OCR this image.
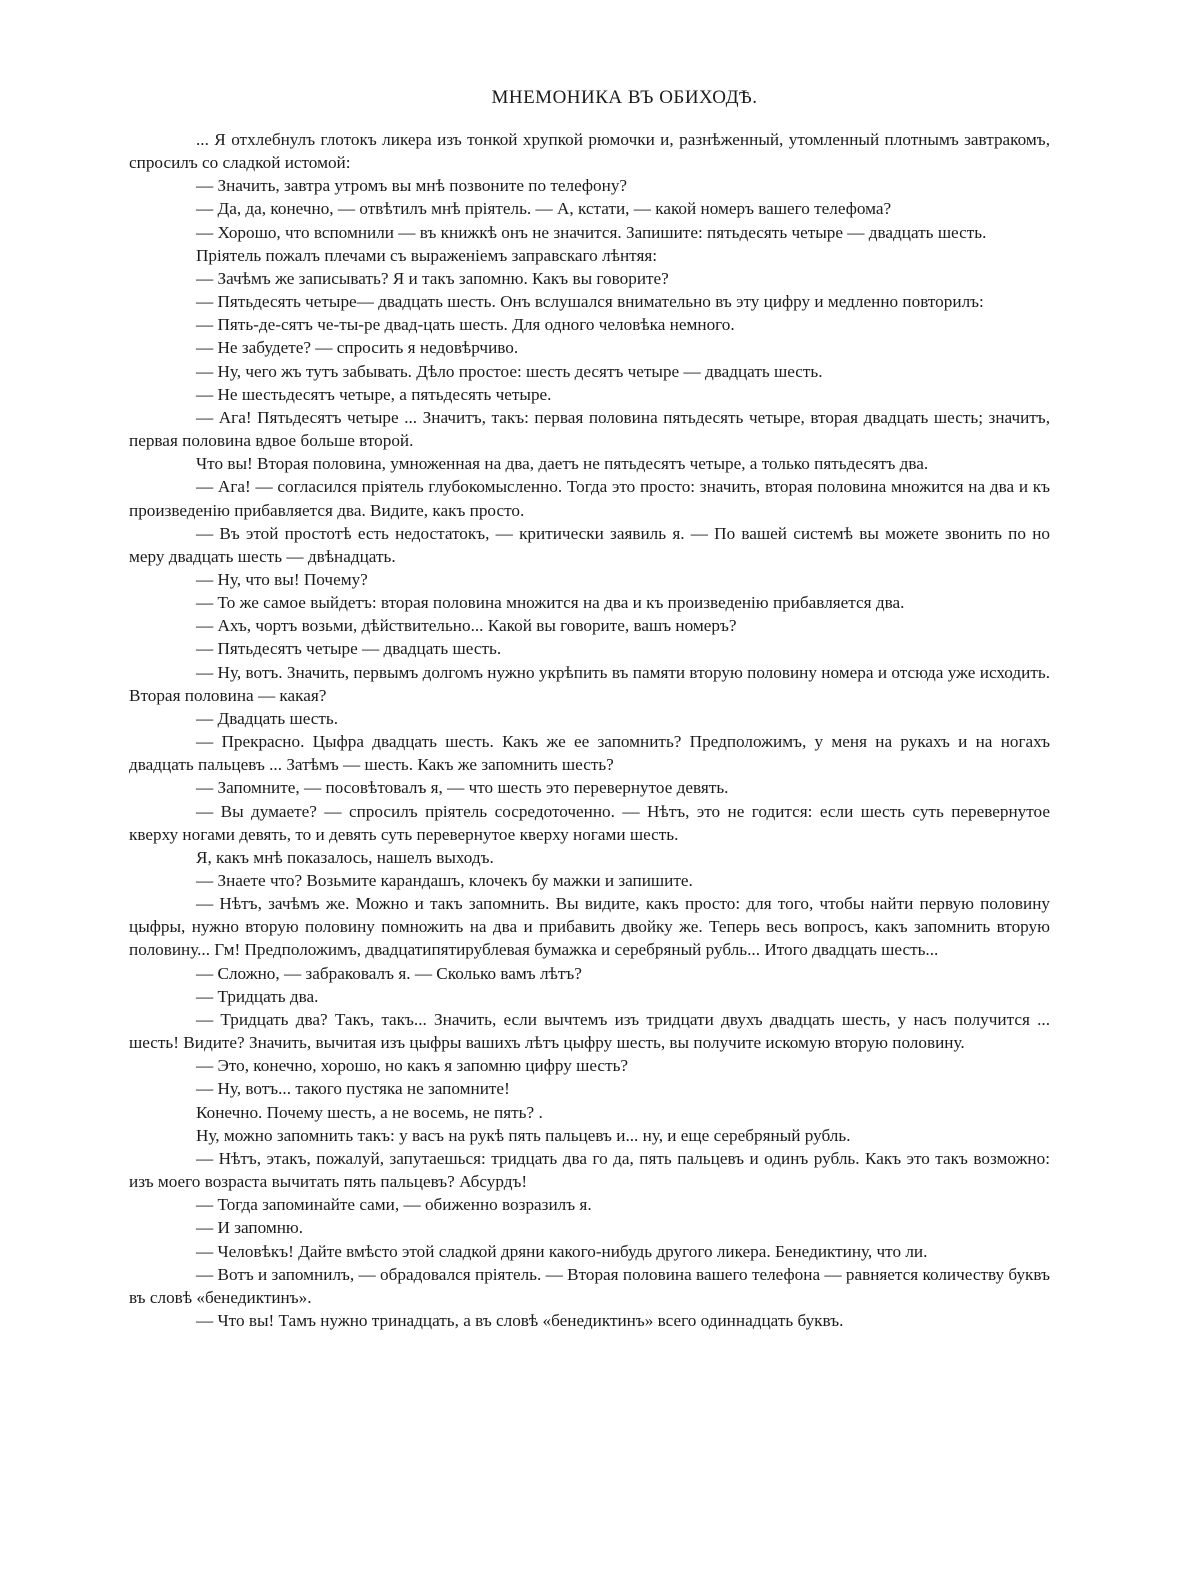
МНЕМОНИКА ВЪ ОБИХОДѢ.

... Я отхлебнулъ глотокъ ликера изъ тонкой хрупкой рюмочки и, разнѣженный, утомленный плотнымъ завтракомъ, спросилъ со сладкой истомой:

— Значить, завтра утромъ вы мнѣ позвоните по телефону?

— Да, да, конечно, — отвѣтилъ мнѣ пріятель. — А, кстати, — какой номеръ вашего телефома?

— Хорошо, что вспомнили — въ книжкѣ онъ не значится. Запишите: пятьдесять четыре — двадцать шесть.

Пріятель пожалъ плечами съ выраженіемъ заправскаго лѣнтяя:

— Зачѣмъ же записывать? Я и такъ запомню. Какъ вы говорите?

— Пятьдесять четыре— двадцать шесть. Онъ вслушался внимательно въ эту цифру и медленно повторилъ:

— Пять-де-сятъ че-ты-ре двад-цать шесть. Для одного человѣка немного.

— Не забудете? — спросить я недовѣрчиво.

— Ну, чего жъ тутъ забывать. Дѣло простое: шесть десятъ четыре — двадцать шесть.

— Не шестьдесятъ четыре, а пятьдесять четыре.

— Ага! Пятьдесятъ четыре ... Значитъ, такъ: первая половина пятьдесять четыре, вторая двадцать шесть; значитъ, первая половина вдвое больше второй.

Что вы! Вторая половина, умноженная на два, даетъ не пятьдесятъ четыре, а только пятьдесятъ два.

— Ага! — согласился пріятель глубокомысленно. Тогда это просто: значить, вторая половина множится на два и къ произведенію прибавляется два. Видите, какъ просто.

— Въ этой простотѣ есть недостатокъ, — критически заявиль я. — По вашей системѣ вы можете звонить по но меру двадцать шесть — двѣнадцать.

— Ну, что вы! Почему?

— То же самое выйдетъ: вторая половина множится на два и къ произведенію прибавляется два.

— Ахъ, чортъ возьми, дѣйствительно... Какой вы говорите, вашъ номеръ?

— Пятьдесятъ четыре — двадцать шесть.

— Ну, вотъ. Значить, первымъ долгомъ нужно укрѣпить въ памяти вторую половину номера и отсюда уже исходить. Вторая половина — какая?

— Двадцать шесть.

— Прекрасно. Цыфра двадцать шесть. Какъ же ее запомнить? Предположимъ, у меня на рукахъ и на ногахъ двадцать пальцевъ ... Затѣмъ — шесть. Какъ же запомнить шесть?

— Запомните, — посовѣтовалъ я, — что шесть это перевернутое девять.

— Вы думаете? — спросилъ пріятель сосредоточенно. — Нѣтъ, это не годится: если шесть суть перевернутое кверху ногами девять, то и девять суть перевернутое кверху ногами шесть.

Я, какъ мнѣ показалось, нашелъ выходъ.

— Знаете что? Возьмите карандашъ, клочекъ бу мажки и запишите.

— Нѣтъ, зачѣмъ же. Можно и такъ запомнить. Вы видите, какъ просто: для того, чтобы найти первую половину цыфры, нужно вторую половину помножить на два и прибавить двойку же. Теперь весь вопросъ, какъ запомнить вторую половину... Гм! Предположимъ, двадцатипятирублевая бумажка и серебряный рубль... Итого двадцать шесть...

— Сложно, — забраковалъ я. — Сколько вамъ лѣтъ?

— Тридцать два.

— Тридцать два? Такъ, такъ... Значить, если вычтемъ изъ тридцати двухъ двадцать шесть, у насъ получится ... шесть! Видите? Значить, вычитая изъ цыфры вашихъ лѣтъ цыфру шесть, вы получите искомую вторую половину.

— Это, конечно, хорошо, но какъ я запомню цифру шесть?

— Ну, вотъ... такого пустяка не запомните!

Конечно. Почему шесть, а не восемь, не пять? .

Ну, можно запомнить такъ: у васъ на рукѣ пять пальцевъ и... ну, и еще серебряный рубль.

— Нѣтъ, этакъ, пожалуй, запутаешься: тридцать два го да, пять пальцевъ и одинъ рубль. Какъ это такъ возможно: изъ моего возраста вычитать пять пальцевъ? Абсурдъ!

— Тогда запоминайте сами, — обиженно возразилъ я.

— И запомню.

— Человѣкъ! Дайте вмѣсто этой сладкой дряни какого-нибудь другого ликера. Бенедиктину, что ли.

— Вотъ и запомнилъ, — обрадовался пріятель. — Вторая половина вашего телефона — равняется количеству буквъ въ словѣ «бенедиктинъ».

— Что вы! Тамъ нужно тринадцать, а въ словѣ «бенедиктинъ» всего одиннадцать буквъ.
